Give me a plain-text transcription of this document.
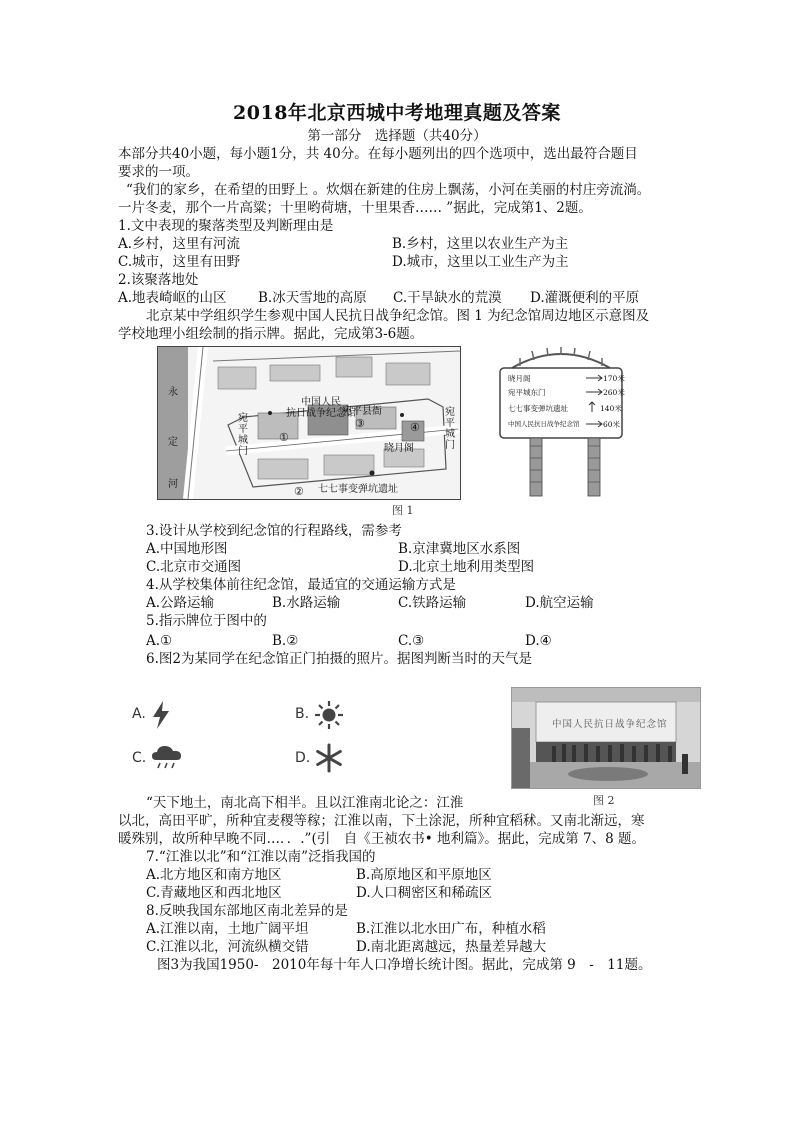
2018年北京西城中考地理真题及答案
第一部分　选择题（共40分）
本部分共40小题，每小题1分，共 40分。在每小题列出的四个选项中，选出最符合题目
要求的一项。
“我们的家乡，在希望的田野上 。炊烟在新建的住房上飘荡，小河在美丽的村庄旁流淌。
一片冬麦，那个一片高粱；十里哟荷塘，十里果香…… ”据此，完成第1、2题。
1.文中表现的聚落类型及判断理由是
A.乡村，这里有河流	B.乡村，这里以农业生产为主
C.城市，这里有田野	D.城市，这里以工业生产为主
2.该聚落地处
A.地表崎岖的山区 B.冰天雪地的高原 C.干旱缺水的荒漠 D.灌溉便利的平原
北京某中学组织学生参观中国人民抗日战争纪念馆。图 1 为纪念馆周边地区示意图及
学校地理小组绘制的指示牌。据此，完成第3-6题。
永
定
河
宛
平
城
门
中国人民
抗日战争纪念馆
宛平县衙
晓月阁
七七事变弹坑遗址
宛
平
城
门
①
②
③	④
晓月阁	170米
宛平城东门	260米
七七事变弹坑遗址	140米
中国人民抗日战争纪念馆	60米
图 1
3.设计从学校到纪念馆的行程路线，需参考
A.中国地形图	B.京津冀地区水系图
C.北京市交通图	D.北京土地利用类型图
4.从学校集体前往纪念馆，最适宜的交通运输方式是
A.公路运输	B.水路运输	C.铁路运输	D.航空运输
5.指示牌位于图中的
A.①	B.②	C.③	D.④
6.图2为某同学在纪念馆正门拍摄的照片。据图判断当时的天气是
A.	B.
C.	D.
中国人民抗日战争纪念馆
图 2
“天下地土，南北高下相半。且以江淮南北论之：江淮
以北，高田平旷，所种宜麦稷等稼；江淮以南，下土涂泥，所种宜稻秫。又南北渐远，寒
暖殊别，故所种早晚不同…．．.”(引　自《王祯农书• 地利篇》。据此，完成第 7、8 题。
7.“江淮以北”和“江淮以南”泛指我国的
A.北方地区和南方地区	B.高原地区和平原地区
C.青藏地区和西北地区	D.人口稠密区和稀疏区
8.反映我国东部地区南北差异的是
A.江淮以南，土地广阔平坦	B.江淮以北水田广布，种植水稻
C.江淮以北，河流纵横交错	D.南北距离越远，热量差异越大
图3为我国1950-　2010年每十年人口净增长统计图。据此，完成第 9　-　11题。
